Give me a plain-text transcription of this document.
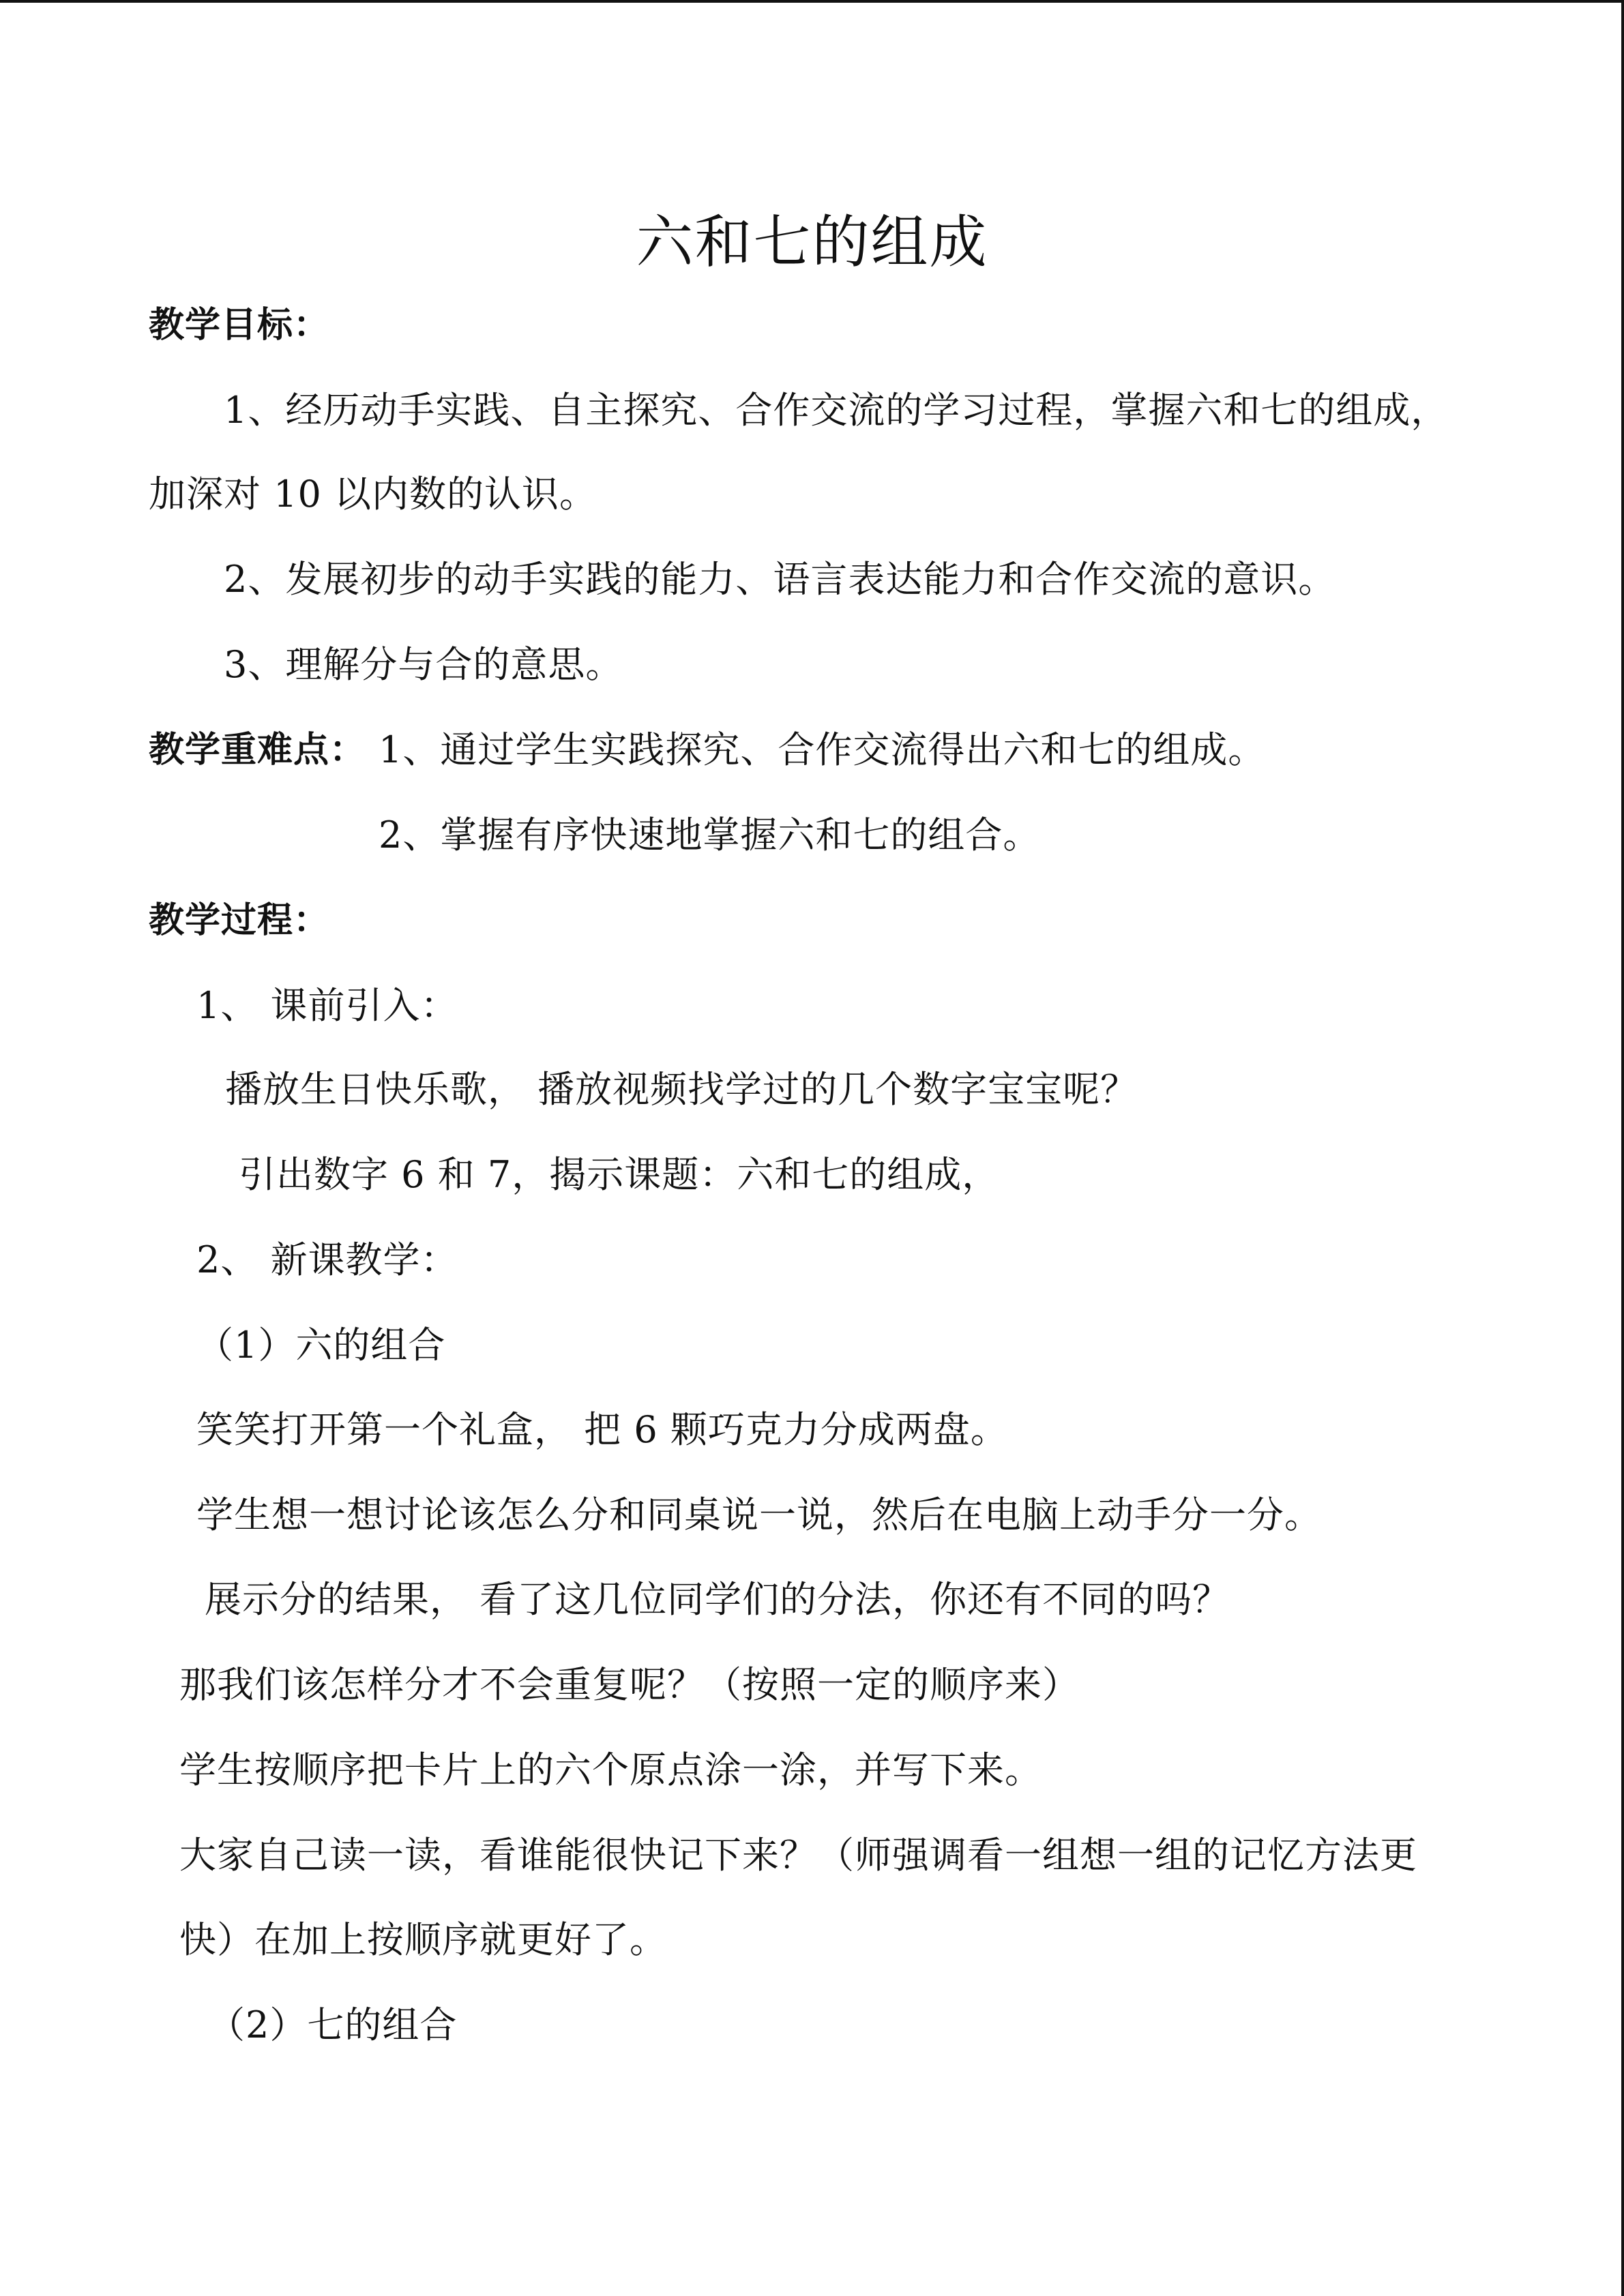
六和七的组成
教学目标：
1、经历动手实践、自主探究、合作交流的学习过程，掌握六和七的组成，
加深对 10 以内数的认识。
2、发展初步的动手实践的能力、语言表达能力和合作交流的意识。
3、理解分与合的意思。
教学重难点： 1、通过学生实践探究、合作交流得出六和七的组成。
2、掌握有序快速地掌握六和七的组合。
教学过程：
1、 课前引入：
播放生日快乐歌， 播放视频找学过的几个数字宝宝呢？
引出数字 6 和 7，揭示课题：六和七的组成，
2、 新课教学：
（1）六的组合
笑笑打开第一个礼盒， 把 6 颗巧克力分成两盘。
学生想一想讨论该怎么分和同桌说一说，然后在电脑上动手分一分。
展示分的结果， 看了这几位同学们的分法，你还有不同的吗？
那我们该怎样分才不会重复呢？（按照一定的顺序来）
学生按顺序把卡片上的六个原点涂一涂，并写下来。
大家自己读一读，看谁能很快记下来？（师强调看一组想一组的记忆方法更
快）在加上按顺序就更好了。
（2）七的组合
